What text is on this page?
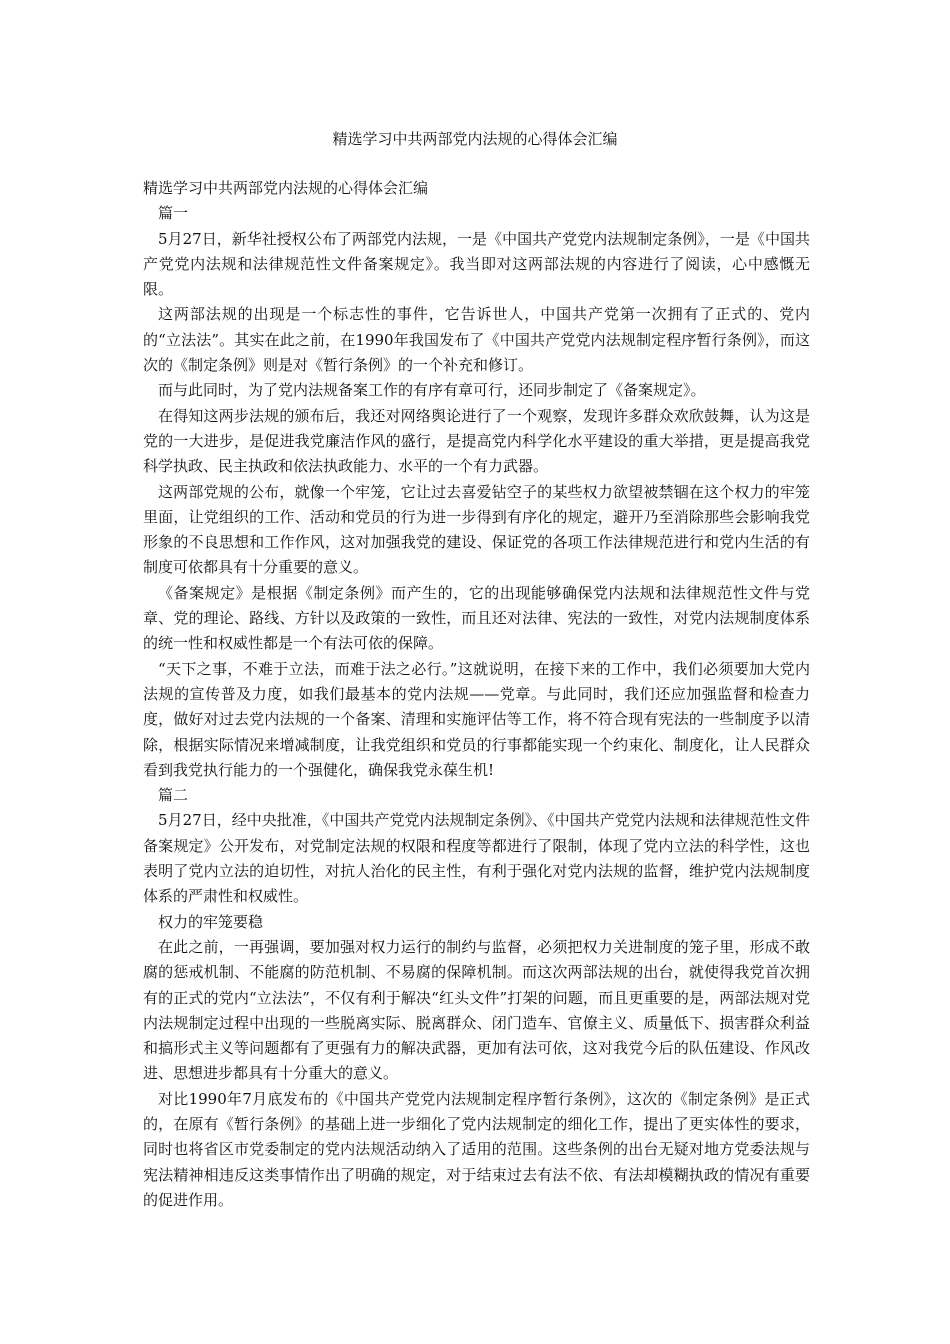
精选学习中共两部党内法规的心得体会汇编

精选学习中共两部党内法规的心得体会汇编

篇一

5月27日，新华社授权公布了两部党内法规，一是《中国共产党党内法规制定条例》，一是《中国共产党党内法规和法律规范性文件备案规定》。我当即对这两部法规的内容进行了阅读，心中感慨无限。

这两部法规的出现是一个标志性的事件，它告诉世人，中国共产党第一次拥有了正式的、党内的“立法法”。其实在此之前，在1990年我国发布了《中国共产党党内法规制定程序暂行条例》，而这次的《制定条例》则是对《暂行条例》的一个补充和修订。

而与此同时，为了党内法规备案工作的有序有章可行，还同步制定了《备案规定》。

在得知这两步法规的颁布后，我还对网络舆论进行了一个观察，发现许多群众欢欣鼓舞，认为这是党的一大进步，是促进我党廉洁作风的盛行，是提高党内科学化水平建设的重大举措，更是提高我党科学执政、民主执政和依法执政能力、水平的一个有力武器。

这两部党规的公布，就像一个牢笼，它让过去喜爱钻空子的某些权力欲望被禁锢在这个权力的牢笼里面，让党组织的工作、活动和党员的行为进一步得到有序化的规定，避开乃至消除那些会影响我党形象的不良思想和工作作风，这对加强我党的建设、保证党的各项工作法律规范进行和党内生活的有制度可依都具有十分重要的意义。

《备案规定》是根据《制定条例》而产生的，它的出现能够确保党内法规和法律规范性文件与党章、党的理论、路线、方针以及政策的一致性，而且还对法律、宪法的一致性，对党内法规制度体系的统一性和权威性都是一个有法可依的保障。

“天下之事，不难于立法，而难于法之必行。”这就说明，在接下来的工作中，我们必须要加大党内法规的宣传普及力度，如我们最基本的党内法规——党章。与此同时，我们还应加强监督和检查力度，做好对过去党内法规的一个备案、清理和实施评估等工作，将不符合现有宪法的一些制度予以清除，根据实际情况来增减制度，让我党组织和党员的行事都能实现一个约束化、制度化，让人民群众看到我党执行能力的一个强健化，确保我党永葆生机!

篇二

5月27日，经中央批准，《中国共产党党内法规制定条例》、《中国共产党党内法规和法律规范性文件备案规定》公开发布，对党制定法规的权限和程度等都进行了限制，体现了党内立法的科学性，这也表明了党内立法的迫切性，对抗人治化的民主性，有利于强化对党内法规的监督，维护党内法规制度体系的严肃性和权威性。

权力的牢笼要稳

在此之前，一再强调，要加强对权力运行的制约与监督，必须把权力关进制度的笼子里，形成不敢腐的惩戒机制、不能腐的防范机制、不易腐的保障机制。而这次两部法规的出台，就使得我党首次拥有的正式的党内“立法法”，不仅有利于解决“红头文件”打架的问题，而且更重要的是，两部法规对党内法规制定过程中出现的一些脱离实际、脱离群众、闭门造车、官僚主义、质量低下、损害群众利益和搞形式主义等问题都有了更强有力的解决武器，更加有法可依，这对我党今后的队伍建设、作风改进、思想进步都具有十分重大的意义。

对比1990年7月底发布的《中国共产党党内法规制定程序暂行条例》，这次的《制定条例》是正式的，在原有《暂行条例》的基础上进一步细化了党内法规制定的细化工作，提出了更实体性的要求，同时也将省区市党委制定的党内法规活动纳入了适用的范围。这些条例的出台无疑对地方党委法规与宪法精神相违反这类事情作出了明确的规定，对于结束过去有法不依、有法却模糊执政的情况有重要的促进作用。
